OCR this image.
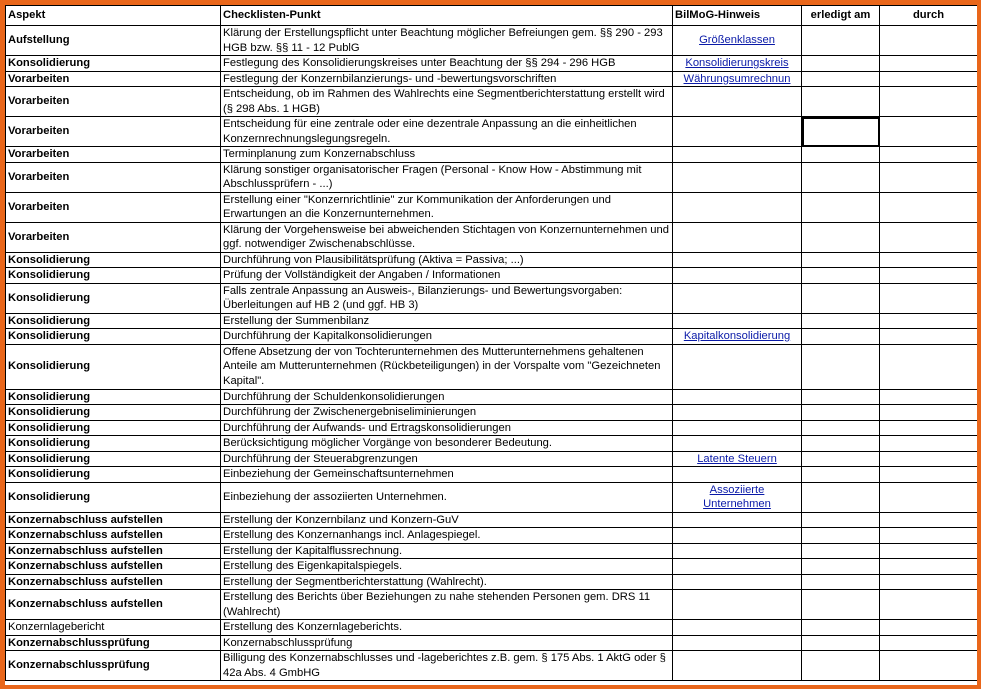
Aspekt	Checklisten-Punkt	BilMoG-Hinweis	erledigt am	durch
Aufstellung	Klärung der Erstellungspflicht unter Beachtung möglicher Befreiungen gem. §§ 290 - 293 HGB bzw. §§ 11 - 12 PublG	Größenklassen		
Konsolidierung	Festlegung des Konsolidierungskreises unter Beachtung der §§ 294 - 296 HGB	Konsolidierungskreis		
Vorarbeiten	Festlegung der Konzernbilanzierungs- und -bewertungsvorschriften	Währungsumrechnun		
Vorarbeiten	Entscheidung, ob im Rahmen des Wahlrechts eine Segmentberichterstattung erstellt wird (§ 298 Abs. 1 HGB)			
Vorarbeiten	Entscheidung für eine zentrale oder eine dezentrale Anpassung an die einheitlichen Konzernrechnungslegungsregeln.			
Vorarbeiten	Terminplanung zum Konzernabschluss			
Vorarbeiten	Klärung sonstiger organisatorischer Fragen (Personal - Know How - Abstimmung mit Abschlussprüfern - ...)			
Vorarbeiten	Erstellung einer "Konzernrichtlinie" zur Kommunikation der Anforderungen und Erwartungen an die Konzernunternehmen.			
Vorarbeiten	Klärung der Vorgehensweise bei abweichenden Stichtagen von Konzernunternehmen und ggf. notwendiger Zwischenabschlüsse.			
Konsolidierung	Durchführung von Plausibilitätsprüfung (Aktiva = Passiva; ...)			
Konsolidierung	Prüfung der Vollständigkeit der Angaben / Informationen			
Konsolidierung	Falls zentrale Anpassung an Ausweis-, Bilanzierungs- und Bewertungsvorgaben: Überleitungen auf HB 2 (und ggf. HB 3)			
Konsolidierung	Erstellung der Summenbilanz			
Konsolidierung	Durchführung der Kapitalkonsolidierungen	Kapitalkonsolidierung		
Konsolidierung	Offene Absetzung der von Tochterunternehmen des Mutterunternehmens gehaltenen Anteile am Mutterunternehmen (Rückbeteiligungen) in der Vorspalte vom "Gezeichneten Kapital".			
Konsolidierung	Durchführung der Schuldenkonsolidierungen			
Konsolidierung	Durchführung der Zwischenergebniseliminierungen			
Konsolidierung	Durchführung der Aufwands- und Ertragskonsolidierungen			
Konsolidierung	Berücksichtigung möglicher Vorgänge von besonderer Bedeutung.			
Konsolidierung	Durchführung der Steuerabgrenzungen	Latente Steuern		
Konsolidierung	Einbeziehung der Gemeinschaftsunternehmen			
Konsolidierung	Einbeziehung der assoziierten Unternehmen.	Assoziierte Unternehmen		
Konzernabschluss aufstellen	Erstellung der Konzernbilanz und Konzern-GuV			
Konzernabschluss aufstellen	Erstellung des Konzernanhangs incl. Anlagespiegel.			
Konzernabschluss aufstellen	Erstellung der Kapitalflussrechnung.			
Konzernabschluss aufstellen	Erstellung des Eigenkapitalspiegels.			
Konzernabschluss aufstellen	Erstellung der Segmentberichterstattung (Wahlrecht).			
Konzernabschluss aufstellen	Erstellung des Berichts über Beziehungen zu nahe stehenden Personen gem. DRS 11 (Wahlrecht)			
Konzernlagebericht	Erstellung des Konzernlageberichts.			
Konzernabschlussprüfung	Konzernabschlussprüfung			
Konzernabschlussprüfung	Billigung des Konzernabschlusses und -lageberichtes z.B. gem. § 175 Abs. 1 AktG oder § 42a Abs. 4 GmbHG			
